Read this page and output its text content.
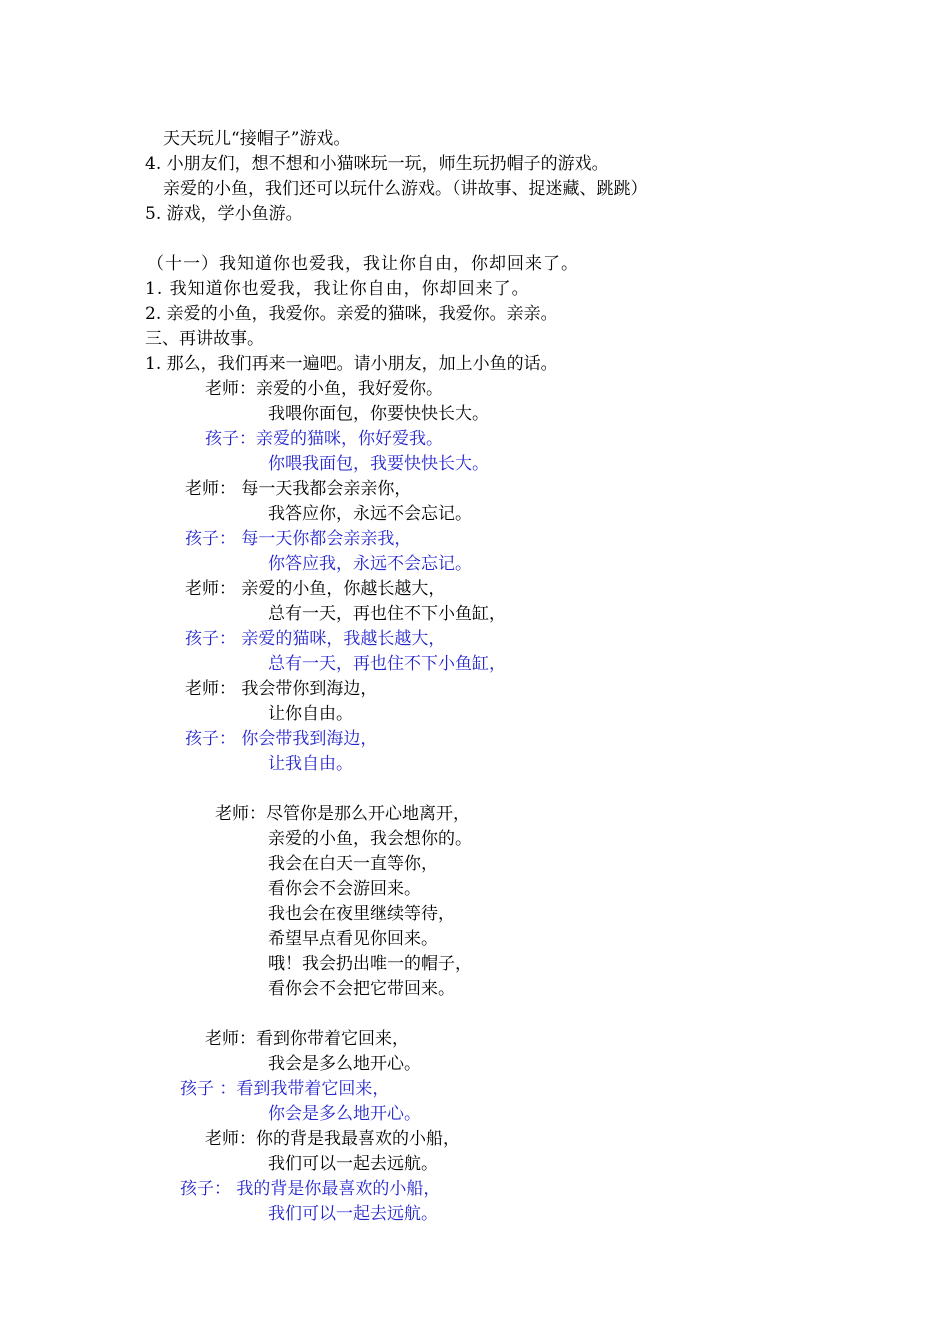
天天玩儿“接帽子”游戏。
4. 小朋友们，想不想和小猫咪玩一玩，师生玩扔帽子的游戏。
亲爱的小鱼，我们还可以玩什么游戏。（讲故事、捉迷藏、跳跳）
5. 游戏，学小鱼游。
（十一）我知道你也爱我，我让你自由，你却回来了。
1. 我知道你也爱我，我让你自由，你却回来了。
2. 亲爱的小鱼，我爱你。亲爱的猫咪，我爱你。亲亲。
三、再讲故事。
1. 那么，我们再来一遍吧。请小朋友，加上小鱼的话。
老师：亲爱的小鱼，我好爱你。
我喂你面包，你要快快长大。
孩子：亲爱的猫咪，你好爱我。
你喂我面包，我要快快长大。
老师： 每一天我都会亲亲你，
我答应你，永远不会忘记。
孩子： 每一天你都会亲亲我，
你答应我，永远不会忘记。
老师： 亲爱的小鱼，你越长越大，
总有一天，再也住不下小鱼缸，
孩子： 亲爱的猫咪，我越长越大，
总有一天，再也住不下小鱼缸，
老师： 我会带你到海边，
让你自由。
孩子： 你会带我到海边，
让我自由。
老师：尽管你是那么开心地离开，
亲爱的小鱼，我会想你的。
我会在白天一直等你，
看你会不会游回来。
我也会在夜里继续等待，
希望早点看见你回来。
哦！我会扔出唯一的帽子，
看你会不会把它带回来。
老师：看到你带着它回来，
我会是多么地开心。
孩子 ：看到我带着它回来，
你会是多么地开心。
老师：你的背是我最喜欢的小船，
我们可以一起去远航。
孩子： 我的背是你最喜欢的小船，
我们可以一起去远航。
